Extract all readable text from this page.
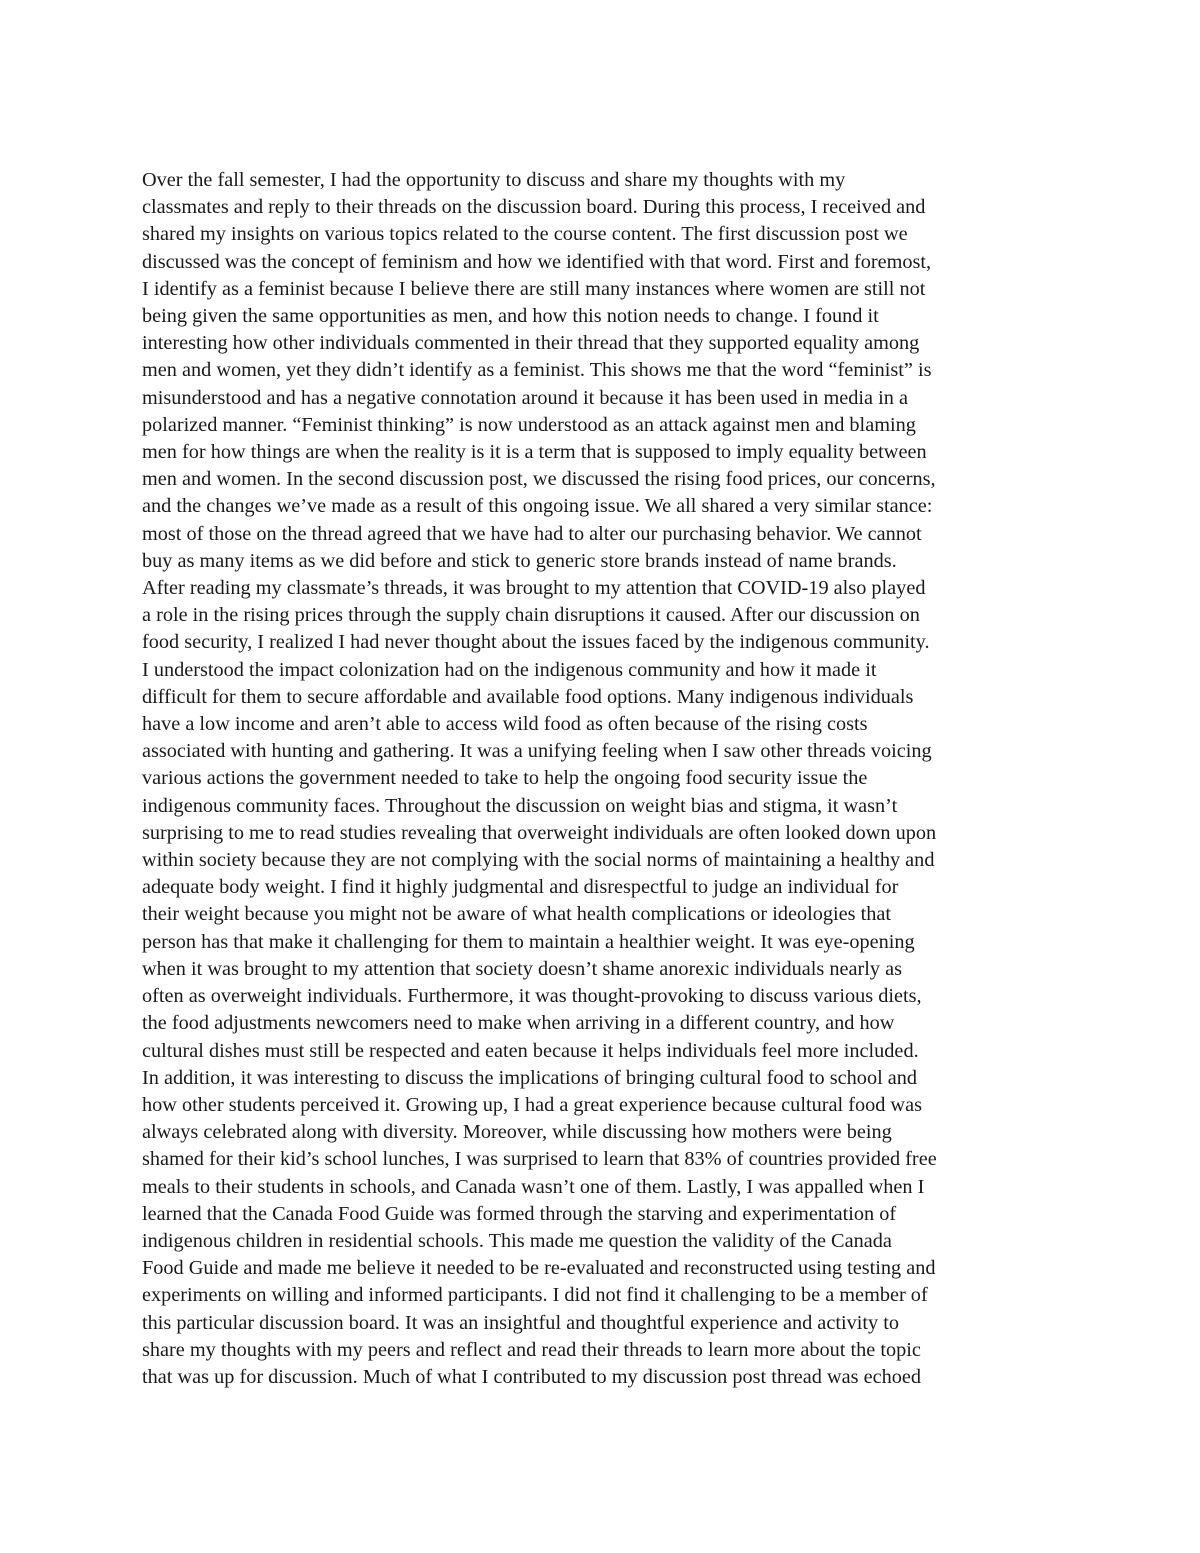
Over the fall semester, I had the opportunity to discuss and share my thoughts with my
classmates and reply to their threads on the discussion board. During this process, I received and
shared my insights on various topics related to the course content. The first discussion post we
discussed was the concept of feminism and how we identified with that word. First and foremost,
I identify as a feminist because I believe there are still many instances where women are still not
being given the same opportunities as men, and how this notion needs to change. I found it
interesting how other individuals commented in their thread that they supported equality among
men and women, yet they didn’t identify as a feminist. This shows me that the word “feminist” is
misunderstood and has a negative connotation around it because it has been used in media in a
polarized manner. “Feminist thinking” is now understood as an attack against men and blaming
men for how things are when the reality is it is a term that is supposed to imply equality between
men and women. In the second discussion post, we discussed the rising food prices, our concerns,
and the changes we’ve made as a result of this ongoing issue. We all shared a very similar stance:
most of those on the thread agreed that we have had to alter our purchasing behavior. We cannot
buy as many items as we did before and stick to generic store brands instead of name brands.
After reading my classmate’s threads, it was brought to my attention that COVID-19 also played
a role in the rising prices through the supply chain disruptions it caused. After our discussion on
food security, I realized I had never thought about the issues faced by the indigenous community.
I understood the impact colonization had on the indigenous community and how it made it
difficult for them to secure affordable and available food options. Many indigenous individuals
have a low income and aren’t able to access wild food as often because of the rising costs
associated with hunting and gathering. It was a unifying feeling when I saw other threads voicing
various actions the government needed to take to help the ongoing food security issue the
indigenous community faces. Throughout the discussion on weight bias and stigma, it wasn’t
surprising to me to read studies revealing that overweight individuals are often looked down upon
within society because they are not complying with the social norms of maintaining a healthy and
adequate body weight. I find it highly judgmental and disrespectful to judge an individual for
their weight because you might not be aware of what health complications or ideologies that
person has that make it challenging for them to maintain a healthier weight. It was eye-opening
when it was brought to my attention that society doesn’t shame anorexic individuals nearly as
often as overweight individuals. Furthermore, it was thought-provoking to discuss various diets,
the food adjustments newcomers need to make when arriving in a different country, and how
cultural dishes must still be respected and eaten because it helps individuals feel more included.
In addition, it was interesting to discuss the implications of bringing cultural food to school and
how other students perceived it. Growing up, I had a great experience because cultural food was
always celebrated along with diversity. Moreover, while discussing how mothers were being
shamed for their kid’s school lunches, I was surprised to learn that 83% of countries provided free
meals to their students in schools, and Canada wasn’t one of them. Lastly, I was appalled when I
learned that the Canada Food Guide was formed through the starving and experimentation of
indigenous children in residential schools. This made me question the validity of the Canada
Food Guide and made me believe it needed to be re-evaluated and reconstructed using testing and
experiments on willing and informed participants. I did not find it challenging to be a member of
this particular discussion board. It was an insightful and thoughtful experience and activity to
share my thoughts with my peers and reflect and read their threads to learn more about the topic
that was up for discussion. Much of what I contributed to my discussion post thread was echoed
